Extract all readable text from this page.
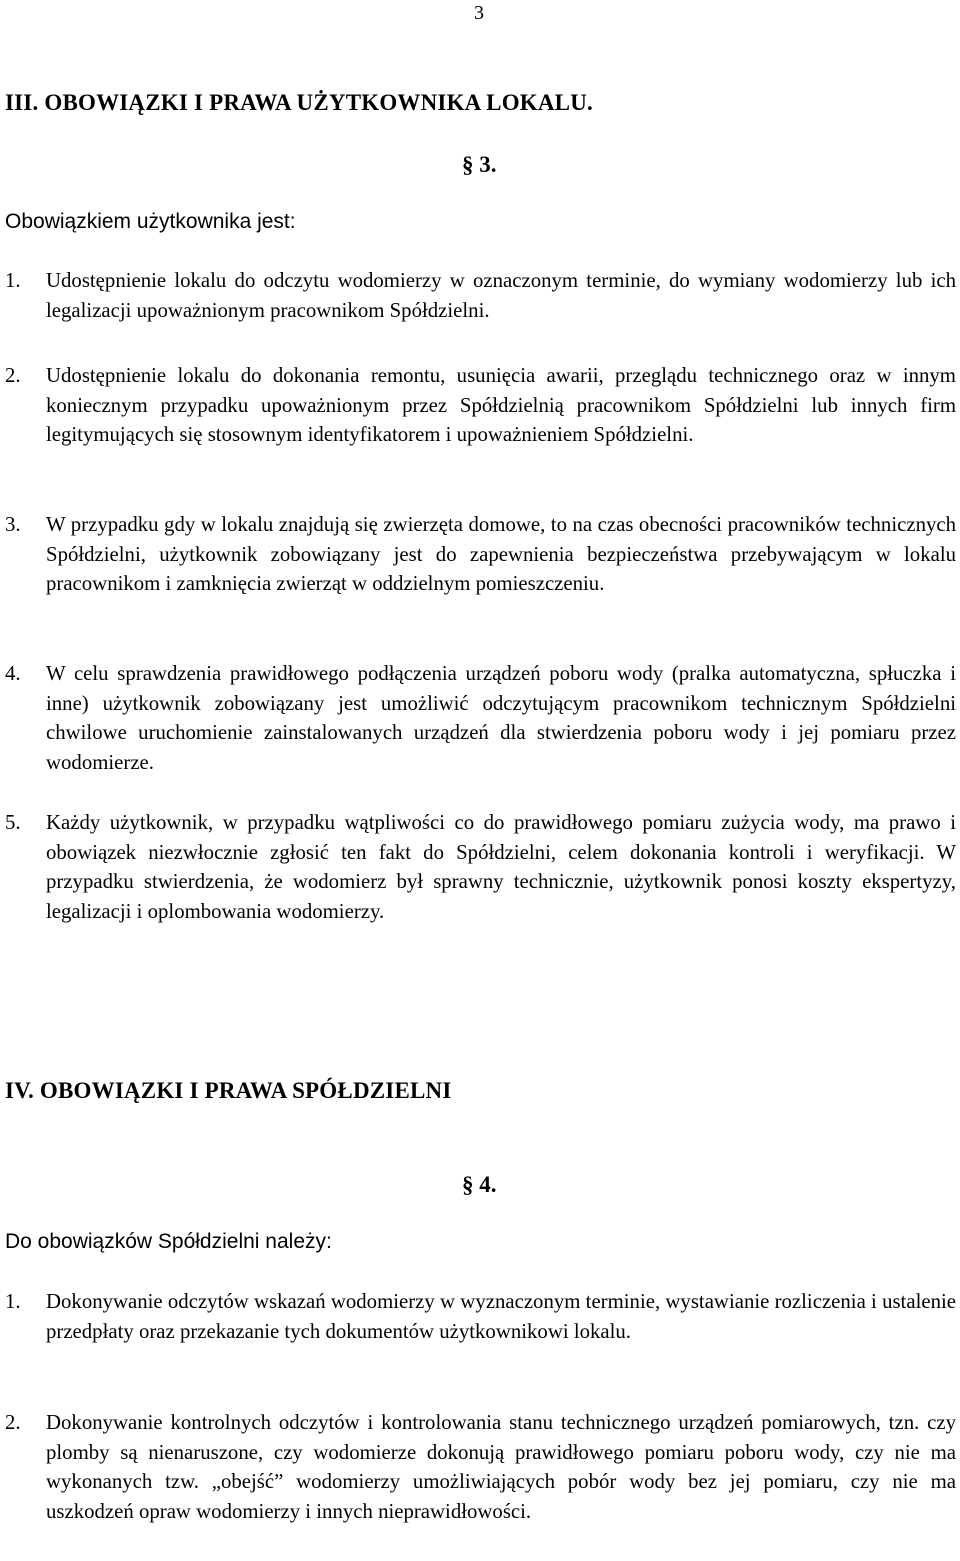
3
III. OBOWIĄZKI I PRAWA UŻYTKOWNIKA LOKALU.
§ 3.
Obowiązkiem użytkownika jest:
1. Udostępnienie lokalu do odczytu wodomierzy w oznaczonym terminie, do wymiany wodomierzy lub ich legalizacji upoważnionym pracownikom Spółdzielni.
2. Udostępnienie lokalu do dokonania remontu, usunięcia awarii, przeglądu technicznego oraz w innym koniecznym przypadku upoważnionym przez Spółdzielnią pracownikom Spółdzielni lub innych firm legitymujących się stosownym identyfikatorem i upoważnieniem Spółdzielni.
3. W przypadku gdy w lokalu znajdują się zwierzęta domowe, to na czas obecności pracowników technicznych Spółdzielni, użytkownik zobowiązany jest do zapewnienia bezpieczeństwa przebywającym w lokalu pracownikom i zamknięcia zwierząt w oddzielnym pomieszczeniu.
4. W celu sprawdzenia prawidłowego podłączenia urządzeń poboru wody (pralka automatyczna, spłuczka i inne) użytkownik zobowiązany jest umożliwić odczytującym pracownikom technicznym Spółdzielni chwilowe uruchomienie zainstalowanych urządzeń dla stwierdzenia poboru wody i jej pomiaru przez wodomierze.
5. Każdy użytkownik, w przypadku wątpliwości co do prawidłowego pomiaru zużycia wody, ma prawo i obowiązek niezwłocznie zgłosić ten fakt do Spółdzielni, celem dokonania kontroli i weryfikacji. W przypadku stwierdzenia, że wodomierz był sprawny technicznie, użytkownik ponosi koszty ekspertyzy, legalizacji i oplombowania wodomierzy.
IV. OBOWIĄZKI I PRAWA SPÓŁDZIELNI
§ 4.
Do obowiązków Spółdzielni należy:
1. Dokonywanie odczytów wskazań wodomierzy w wyznaczonym terminie, wystawianie rozliczenia i ustalenie przedpłaty oraz przekazanie tych dokumentów użytkownikowi lokalu.
2. Dokonywanie kontrolnych odczytów i kontrolowania stanu technicznego urządzeń pomiarowych, tzn. czy plomby są nienaruszone, czy wodomierze dokonują prawidłowego pomiaru poboru wody, czy nie ma wykonanych tzw. „obejść” wodomierzy umożliwiających pobór wody bez jej pomiaru, czy nie ma uszkodzeń opraw wodomierzy i innych nieprawidłowości.
